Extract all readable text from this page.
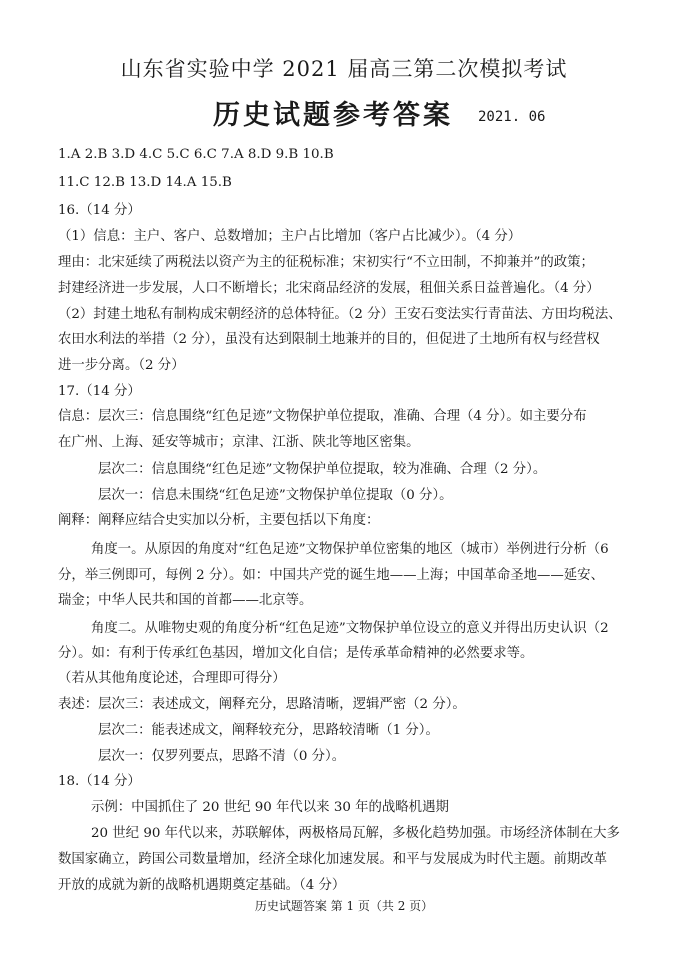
山东省实验中学 2021 届高三第二次模拟考试
历史试题参考答案 2021. 06
1.A 2.B 3.D 4.C 5.C 6.C 7.A 8.D 9.B 10.B
11.C 12.B 13.D 14.A 15.B
16.（14 分）
（1）信息：主户、客户、总数增加；主户占比增加（客户占比减少）。（4 分）
理由：北宋延续了两税法以资产为主的征税标准；宋初实行“不立田制，不抑兼并”的政策；
封建经济进一步发展，人口不断增长；北宋商品经济的发展，租佃关系日益普遍化。（4 分）
（2）封建土地私有制构成宋朝经济的总体特征。（2 分）王安石变法实行青苗法、方田均税法、
农田水利法的举措（2 分），虽没有达到限制土地兼并的目的，但促进了土地所有权与经营权
进一步分离。（2 分）
17.（14 分）
信息：层次三：信息围绕“红色足迹”文物保护单位提取，准确、合理（4 分）。如主要分布
在广州、上海、延安等城市；京津、江浙、陕北等地区密集。
层次二：信息围绕“红色足迹”文物保护单位提取，较为准确、合理（2 分）。
层次一：信息未围绕“红色足迹”文物保护单位提取（0 分）。
阐释：阐释应结合史实加以分析，主要包括以下角度：
角度一。从原因的角度对“红色足迹”文物保护单位密集的地区（城市）举例进行分析（6
分，举三例即可，每例 2 分）。如：中国共产党的诞生地——上海；中国革命圣地——延安、
瑞金；中华人民共和国的首都——北京等。
角度二。从唯物史观的角度分析“红色足迹”文物保护单位设立的意义并得出历史认识（2
分）。如：有利于传承红色基因，增加文化自信；是传承革命精神的必然要求等。
（若从其他角度论述，合理即可得分）
表述：层次三：表述成文，阐释充分，思路清晰，逻辑严密（2 分）。
层次二：能表述成文，阐释较充分，思路较清晰（1 分）。
层次一：仅罗列要点，思路不清（0 分）。
18.（14 分）
示例：中国抓住了 20 世纪 90 年代以来 30 年的战略机遇期
20 世纪 90 年代以来，苏联解体，两极格局瓦解，多极化趋势加强。市场经济体制在大多
数国家确立，跨国公司数量增加，经济全球化加速发展。和平与发展成为时代主题。前期改革
开放的成就为新的战略机遇期奠定基础。（4 分）
历史试题答案 第 1 页（共 2 页）
